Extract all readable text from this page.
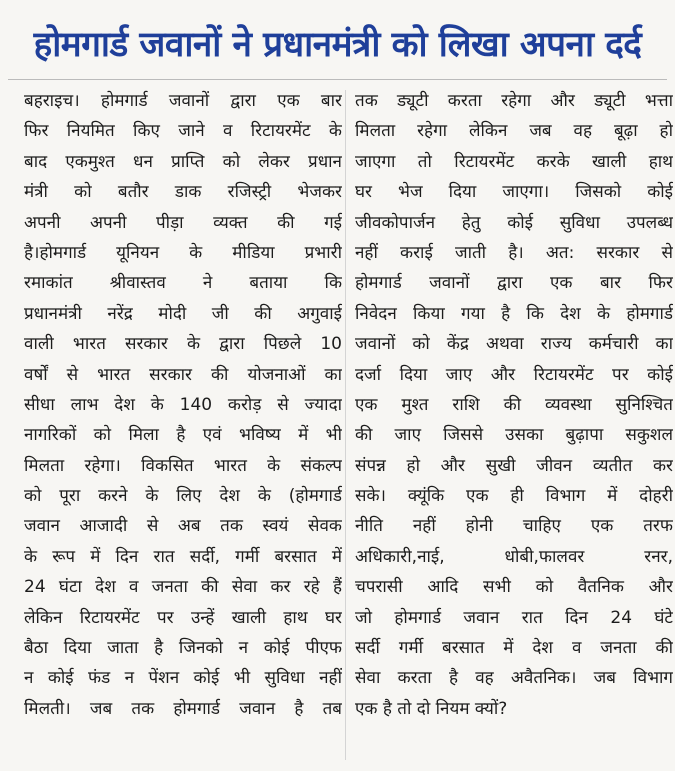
होमगार्ड जवानों ने प्रधानमंत्री को लिखा अपना दर्द
बहराइच। होमगार्ड जवानों द्वारा एक बार
फिर नियमित किए जाने व रिटायरमेंट के
बाद एकमुश्त धन प्राप्ति को लेकर प्रधान
मंत्री को बतौर डाक रजिस्ट्री भेजकर
अपनी अपनी पीड़ा व्यक्त की गई
है।होमगार्ड यूनियन के मीडिया प्रभारी
रमाकांत श्रीवास्तव ने बताया कि
प्रधानमंत्री नरेंद्र मोदी जी की अगुवाई
वाली भारत सरकार के द्वारा पिछले 10
वर्षों से भारत सरकार की योजनाओं का
सीधा लाभ देश के 140 करोड़ से ज्यादा
नागरिकों को मिला है एवं भविष्य में भी
मिलता रहेगा। विकसित भारत के संकल्प
को पूरा करने के लिए देश के (होमगार्ड
जवान आजादी से अब तक स्वयं सेवक
के रूप में दिन रात सर्दी, गर्मी बरसात में
24 घंटा देश व जनता की सेवा कर रहे हैं
लेकिन रिटायरमेंट पर उन्हें खाली हाथ घर
बैठा दिया जाता है जिनको न कोई पीएफ
न कोई फंड न पेंशन कोई भी सुविधा नहीं
मिलती। जब तक होमगार्ड जवान है तब
तक ड्यूटी करता रहेगा और ड्यूटी भत्ता
मिलता रहेगा लेकिन जब वह बूढ़ा हो
जाएगा तो रिटायरमेंट करके खाली हाथ
घर भेज दिया जाएगा। जिसको कोई
जीवकोपार्जन हेतु कोई सुविधा उपलब्ध
नहीं कराई जाती है। अत: सरकार से
होमगार्ड जवानों द्वारा एक बार फिर
निवेदन किया गया है कि देश के होमगार्ड
जवानों को केंद्र अथवा राज्य कर्मचारी का
दर्जा दिया जाए और रिटायरमेंट पर कोई
एक मुश्त राशि की व्यवस्था सुनिश्चित
की जाए जिससे उसका बुढ़ापा सकुशल
संपन्न हो और सुखी जीवन व्यतीत कर
सके। क्यूंकि एक ही विभाग में दोहरी
नीति नहीं होनी चाहिए एक तरफ
अधिकारी,नाई, धोबी,फालवर रनर,
चपरासी आदि सभी को वैतनिक और
जो होमगार्ड जवान रात दिन 24 घंटे
सर्दी गर्मी बरसात में देश व जनता की
सेवा करता है वह अवैतनिक। जब विभाग
एक है तो दो नियम क्यों?
